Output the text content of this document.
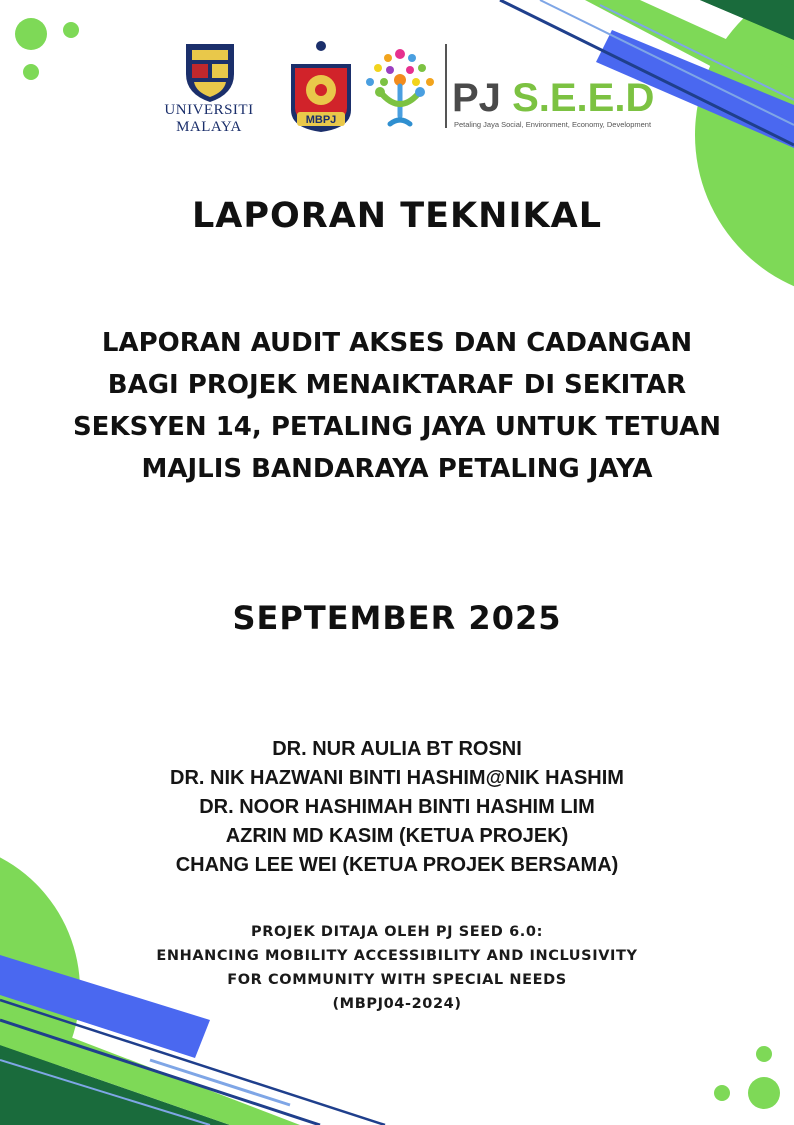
UNIVERSITI
MALAYA	MBPJ	PJ S.E.E.D
Petaling Jaya Social, Environment, Economy, Development
LAPORAN TEKNIKAL
LAPORAN AUDIT AKSES DAN CADANGAN
BAGI PROJEK MENAIKTARAF DI SEKITAR
SEKSYEN 14, PETALING JAYA UNTUK TETUAN
MAJLIS BANDARAYA PETALING JAYA
SEPTEMBER 2025
DR. NUR AULIA BT ROSNI
DR. NIK HAZWANI BINTI HASHIM@NIK HASHIM
DR. NOOR HASHIMAH BINTI HASHIM LIM
AZRIN MD KASIM (KETUA PROJEK)
CHANG LEE WEI (KETUA PROJEK BERSAMA)
PROJEK DITAJA OLEH PJ SEED 6.0:
ENHANCING MOBILITY ACCESSIBILITY AND INCLUSIVITY
FOR COMMUNITY WITH SPECIAL NEEDS
(MBPJ04-2024)
